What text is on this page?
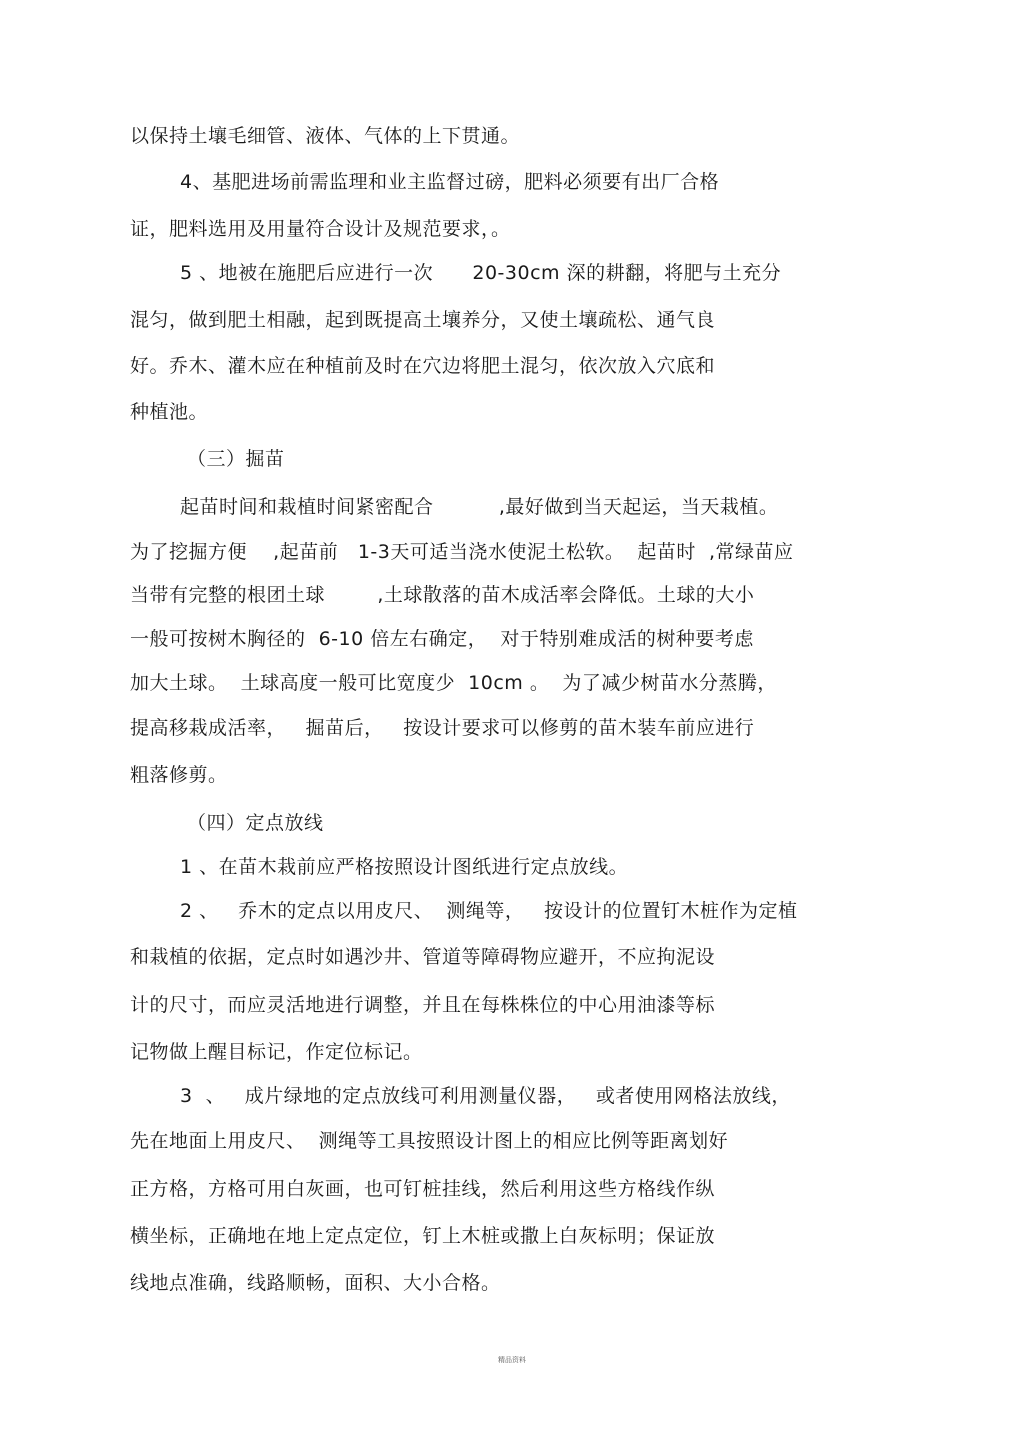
以保持土壤毛细管、液体、气体的上下贯通。
4、基肥进场前需监理和业主监督过磅，肥料必须要有出厂合格
证，肥料选用及用量符合设计及规范要求，。
5 、地被在施肥后应进行一次      20-30cm 深的耕翻，将肥与土充分
混匀，做到肥土相融，起到既提高土壤养分，又使土壤疏松、通气良
好。乔木、灌木应在种植前及时在穴边将肥土混匀，依次放入穴底和
种植池。
（三）掘苗
起苗时间和栽植时间紧密配合          ,最好做到当天起运，当天栽植。
为了挖掘方便    ,起苗前   1-3天可适当浇水使泥土松软。  起苗时  ,常绿苗应
当带有完整的根团土球        ,土球散落的苗木成活率会降低。土球的大小
一般可按树木胸径的  6-10 倍左右确定，  对于特别难成活的树种要考虑
加大土球。  土球高度一般可比宽度少  10cm 。  为了减少树苗水分蒸腾，
提高移栽成活率，   掘苗后，   按设计要求可以修剪的苗木装车前应进行
粗落修剪。
（四）定点放线
1 、在苗木栽前应严格按照设计图纸进行定点放线。
2 、   乔木的定点以用皮尺、  测绳等，   按设计的位置钉木桩作为定植
和栽植的依据，定点时如遇沙井、管道等障碍物应避开，不应拘泥设
计的尺寸，而应灵活地进行调整，并且在每株株位的中心用油漆等标
记物做上醒目标记，作定位标记。
3  、   成片绿地的定点放线可利用测量仪器，   或者使用网格法放线，
先在地面上用皮尺、  测绳等工具按照设计图上的相应比例等距离划好
正方格，方格可用白灰画，也可钉桩挂线，然后利用这些方格线作纵
横坐标，正确地在地上定点定位，钉上木桩或撒上白灰标明；保证放
线地点准确，线路顺畅，面积、大小合格。
精品资料
